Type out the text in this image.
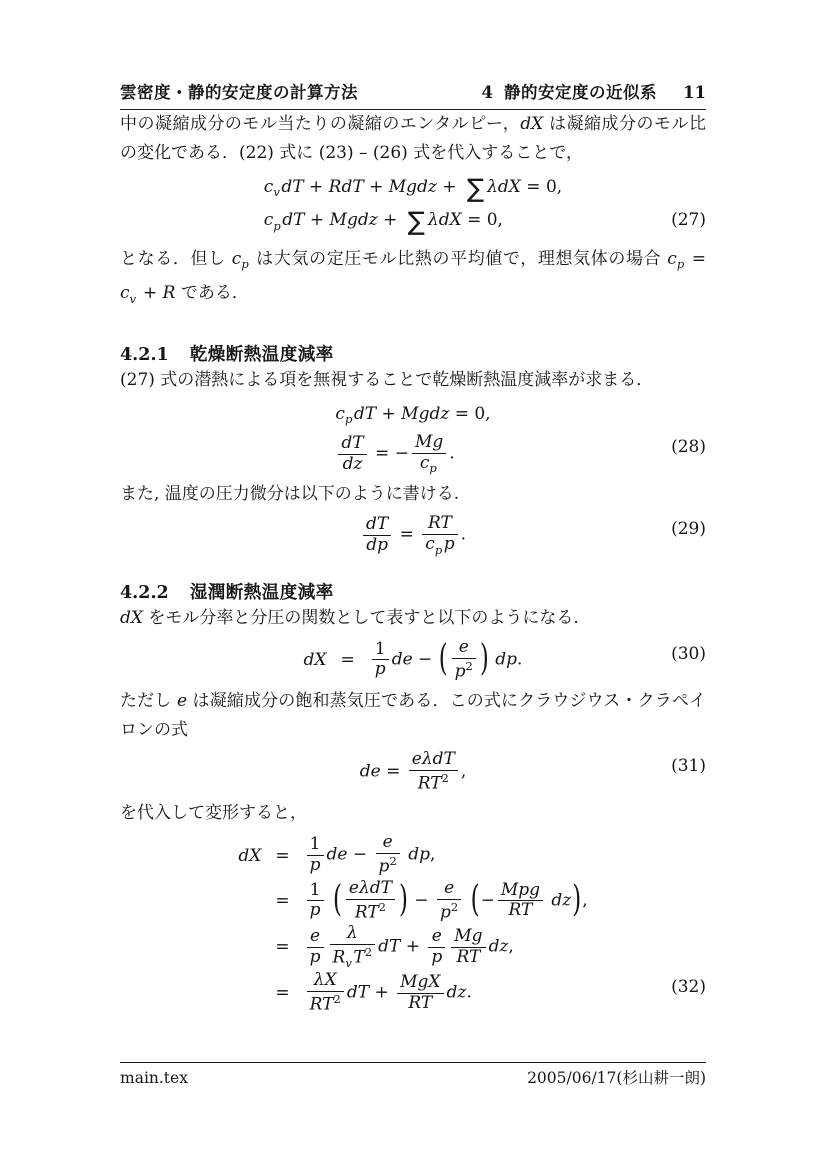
雲密度・静的安定度の計算方法	4 静的安定度の近似系 11

中の凝縮成分のモル当たりの凝縮のエンタルピー，dX は凝縮成分のモル比の変化である．(22) 式に (23) – (26) 式を代入することで，

$c_vdT$ + RdT + Mgdz + ∑ λdX = 0,
$c_pdT$ + Mgdz + ∑ λdX = 0,	(27)

となる．但し $c_p$ は大気の定圧モル比熱の平均値で，理想気体の場合 $c_p = c_v + R$ である．

4.2.1 乾燥断熱温度減率

(27) 式の潜熱による項を無視することで乾燥断熱温度減率が求まる．

$c_pdT$ + Mgdz = 0,
$\frac{dT}{dz}$ = − $\frac{Mg}{c_p}$ .	(28)

また, 温度の圧力微分は以下のように書ける.

$\frac{dT}{dp} = \frac{RT}{c_pp}$ .	(29)
4.2.2 湿潤断熱温度減率

dX をモル分率と分圧の関数として表すと以下のようになる.

dX = $\frac{1}{p}$ de − ( $\frac{e}{p^2}$ ) dp.	(30)

ただし e は凝縮成分の飽和蒸気圧である．この式にクラウジウス・クラペイロンの式

de = $\frac{\text{eλdT}}{RT^2}$ ,	(31)

を代入して変形すると，

dX = $\frac{1}{p}$ de − $\frac{e}{p^2}$ dp,
= $\frac{1}{p}$ ( $\frac{\text{eλdT}}{RT^2}$ ) − $\frac{e}{p^2}$ (− $\frac{\text{Mpg}}{RT} dz$),
= $\frac{e}{p} \frac{\lambda}{R_vT^2}$ dT + $\frac{e}{p} \frac{Mg}{RT}$ dz,
= $\frac{\lambda X}{RT^2}$ dT + $\frac{\text{MgX}}{RT}$ dz.	(32)
main.tex	2005/06/17(杉山耕一朗)
